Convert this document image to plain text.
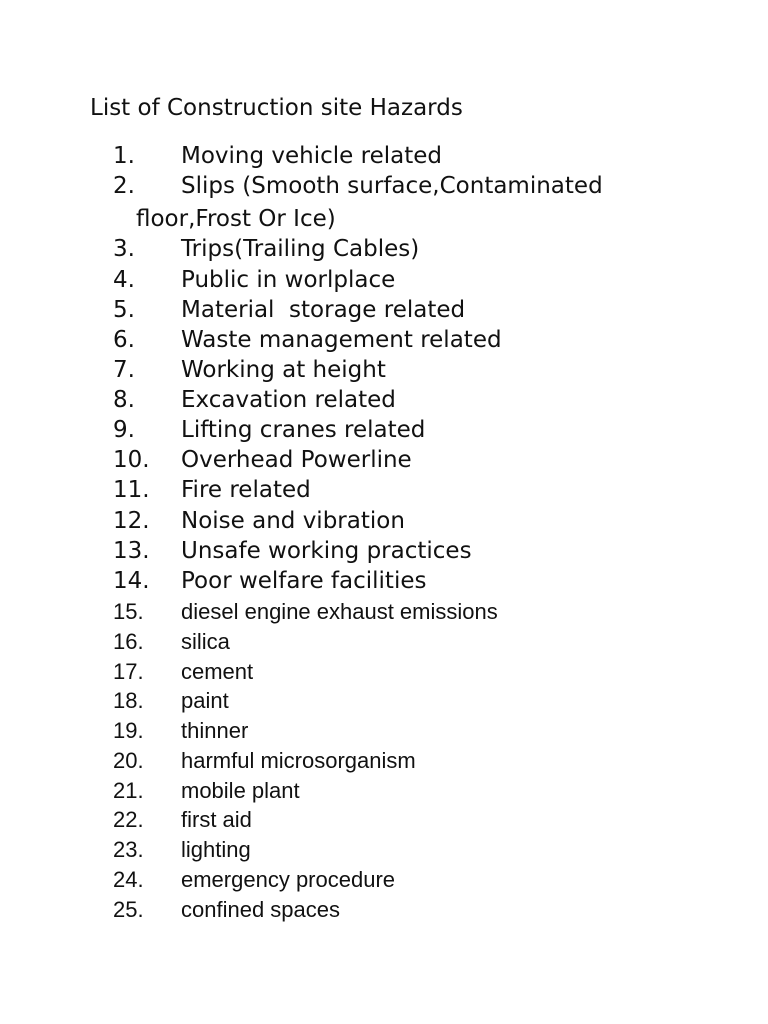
List of Construction site Hazards
1. Moving vehicle related
2. Slips (Smooth surface,Contaminated
floor,Frost Or Ice)
3. Trips(Trailing Cables)
4. Public in worlplace
5. Material  storage related
6. Waste management related
7. Working at height
8. Excavation related
9. Lifting cranes related
10. Overhead Powerline
11. Fire related
12. Noise and vibration
13. Unsafe working practices
14. Poor welfare facilities
15. diesel engine exhaust emissions
16. silica
17. cement
18. paint
19. thinner
20. harmful microsorganism
21. mobile plant
22. first aid
23. lighting
24. emergency procedure
25. confined spaces
